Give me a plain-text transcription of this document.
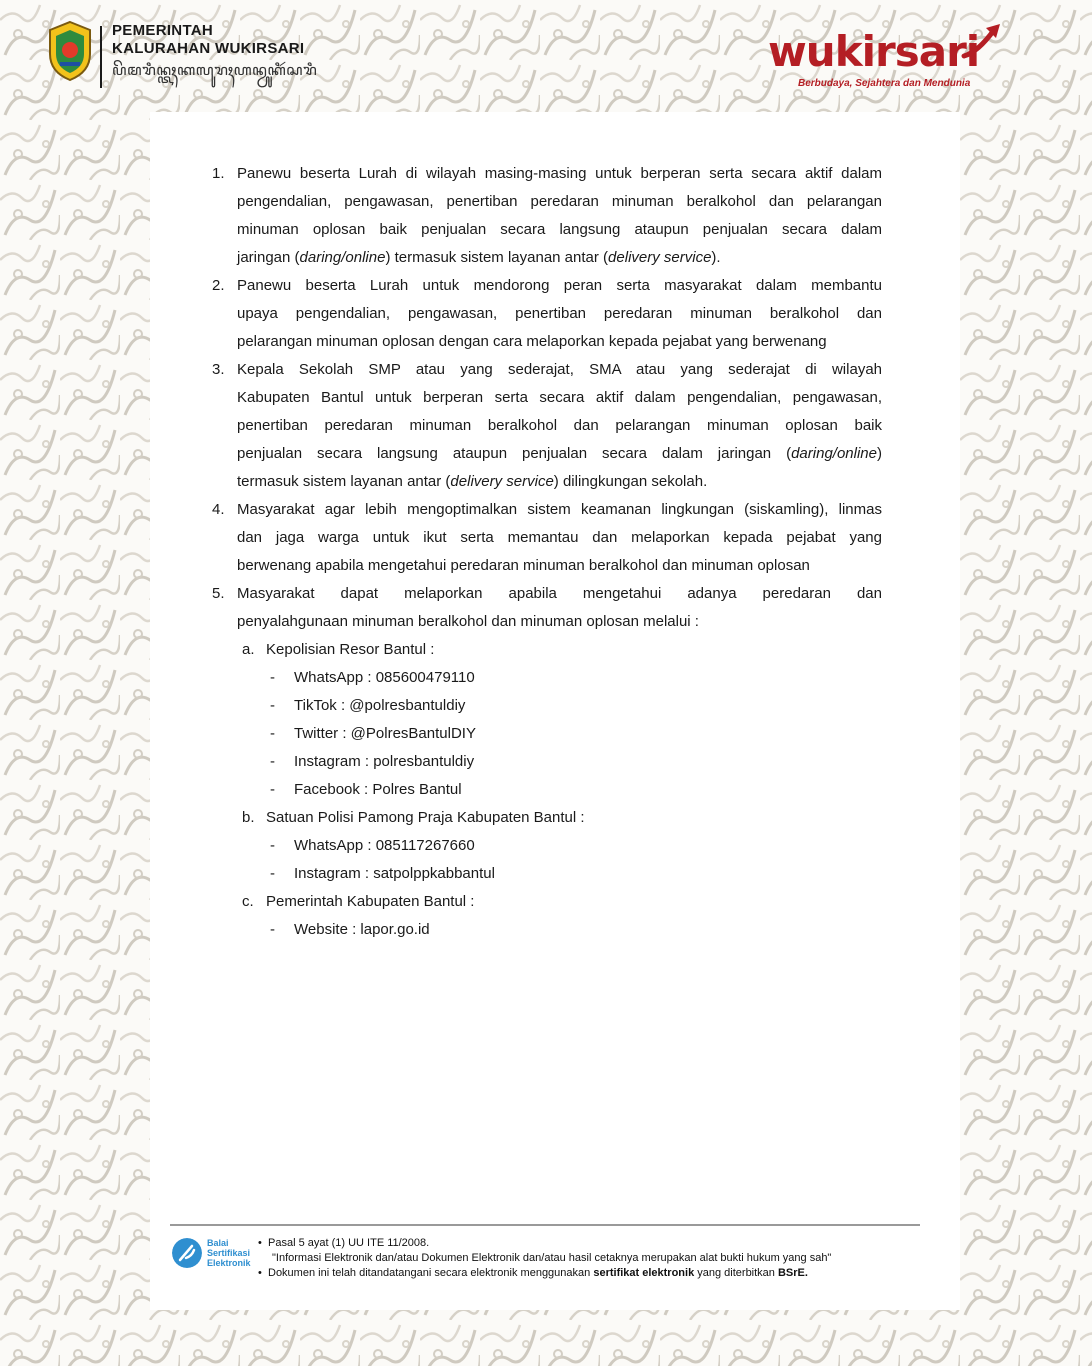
PEMERINTAH
KALURAHAN WUKIRSARI
ꦥꦼꦩꦫꦶꦤ꧀ꦠꦃꦏꦭꦸꦫꦃꦲꦤ꧀ꦮꦸꦏꦶꦂꦱꦫꦶ	wukirsari
Berbudaya, Sejahtera dan Mendunia
1. Panewu beserta Lurah di wilayah masing-masing untuk berperan serta secara aktif dalam
pengendalian, pengawasan, penertiban peredaran minuman beralkohol dan pelarangan
minuman oplosan baik penjualan secara langsung ataupun penjualan secara dalam
jaringan (daring/online) termasuk sistem layanan antar (delivery service).
2. Panewu beserta Lurah untuk mendorong peran serta masyarakat dalam membantu
upaya pengendalian, pengawasan, penertiban peredaran minuman beralkohol dan
pelarangan minuman oplosan dengan cara melaporkan kepada pejabat yang berwenang
3. Kepala Sekolah SMP atau yang sederajat, SMA atau yang sederajat di wilayah
Kabupaten Bantul untuk berperan serta secara aktif dalam pengendalian, pengawasan,
penertiban peredaran minuman beralkohol dan pelarangan minuman oplosan baik
penjualan secara langsung ataupun penjualan secara dalam jaringan (daring/online)
termasuk sistem layanan antar (delivery service) dilingkungan sekolah.
4. Masyarakat agar lebih mengoptimalkan sistem keamanan lingkungan (siskamling), linmas
dan jaga warga untuk ikut serta memantau dan melaporkan kepada pejabat yang
berwenang apabila mengetahui peredaran minuman beralkohol dan minuman oplosan
5. Masyarakat dapat melaporkan apabila mengetahui adanya peredaran dan
penyalahgunaan minuman beralkohol dan minuman oplosan melalui :
a. Kepolisian Resor Bantul :
- WhatsApp : 085600479110
- TikTok : @polresbantuldiy
- Twitter : @PolresBantulDIY
- Instagram : polresbantuldiy
- Facebook : Polres Bantul
b. Satuan Polisi Pamong Praja Kabupaten Bantul :
- WhatsApp : 085117267660
- Instagram : satpolppkabbantul
c. Pemerintah Kabupaten Bantul :
- Website : lapor.go.id
Balai
Sertifikasi
Elektronik
• Pasal 5 ayat (1) UU ITE 11/2008.
"Informasi Elektronik dan/atau Dokumen Elektronik dan/atau hasil cetaknya merupakan alat bukti hukum yang sah"
• Dokumen ini telah ditandatangani secara elektronik menggunakan sertifikat elektronik yang diterbitkan BSrE.
